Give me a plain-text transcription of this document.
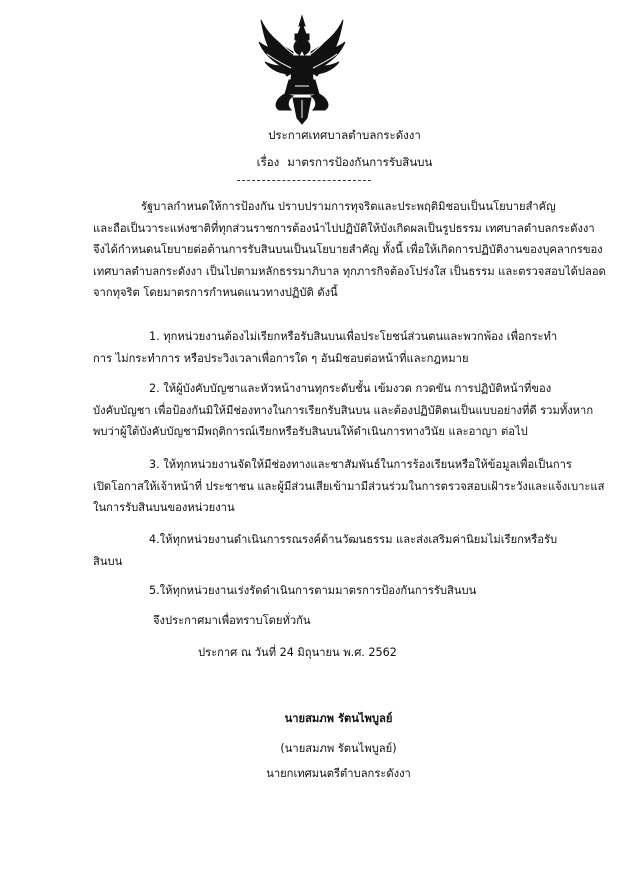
ประกาศเทศบาลตำบลกระดังงา
เรื่อง มาตรการป้องกันการรับสินบน
รัฐบาลกำหนดให้การป้องกัน ปราบปรามการทุจริตและประพฤติมิชอบเป็นนโยบายสำคัญ
และถือเป็นวาระแห่งชาติที่ทุกส่วนราชการต้องนำไปปฏิบัติให้บังเกิดผลเป็นรูปธรรม เทศบาลตำบลกระดังงา
จึงได้กำหนดนโยบายต่อต้านการรับสินบนเป็นนโยบายสำคัญ ทั้งนี้ เพื่อให้เกิดการปฏิบัติงานของบุคลากรของ
เทศบาลตำบลกระดังงา เป็นไปตามหลักธรรมาภิบาล ทุกภารกิจต้องโปร่งใส เป็นธรรม และตรวจสอบได้ปลอด
จากทุจริต โดยมาตรการกำหนดแนวทางปฏิบัติ ดังนี้
1. ทุกหน่วยงานต้องไม่เรียกหรือรับสินบนเพื่อประโยชน์ส่วนตนและพวกพ้อง เพื่อกระทำ
การ ไม่กระทำการ หรือประวิงเวลาเพื่อการใด ๆ อันมิชอบต่อหน้าที่และกฎหมาย
2. ให้ผู้บังคับบัญชาและหัวหน้างานทุกระดับชั้น เข้มงวด กวดขัน การปฏิบัติหน้าที่ของ
บังคับบัญชา เพื่อป้องกันมิให้มีช่องทางในการเรียกรับสินบน และต้องปฏิบัติตนเป็นแบบอย่างที่ดี รวมทั้งหาก
พบว่าผู้ใต้บังคับบัญชามีพฤติการณ์เรียกหรือรับสินบนให้ดำเนินการทางวินัย และอาญา ต่อไป
3. ให้ทุกหน่วยงานจัดให้มีช่องทางและชาสัมพันธ์ในการร้องเรียนหรือให้ข้อมูลเพื่อเป็นการ
เปิดโอกาสให้เจ้าหน้าที่ ประชาชน และผู้มีส่วนเสียเข้ามามีส่วนร่วมในการตรวจสอบเฝ้าระวังและแจ้งเบาะแส
ในการรับสินบนของหน่วยงาน
4.ให้ทุกหน่วยงานดำเนินการรณรงค์ด้านวัฒนธรรม และส่งเสริมค่านิยมไม่เรียกหรือรับ
สินบน
5.ให้ทุกหน่วยงานเร่งรัดดำเนินการตามมาตรการป้องกันการรับสินบน
จึงประกาศมาเพื่อทราบโดยทั่วกัน
ประกาศ ณ วันที่ 24 มิถุนายน พ.ศ. 2562
นายสมภพ รัตนไพบูลย์
(นายสมภพ รัตนไพบูลย์)
นายกเทศมนตรีตำบลกระดังงา
